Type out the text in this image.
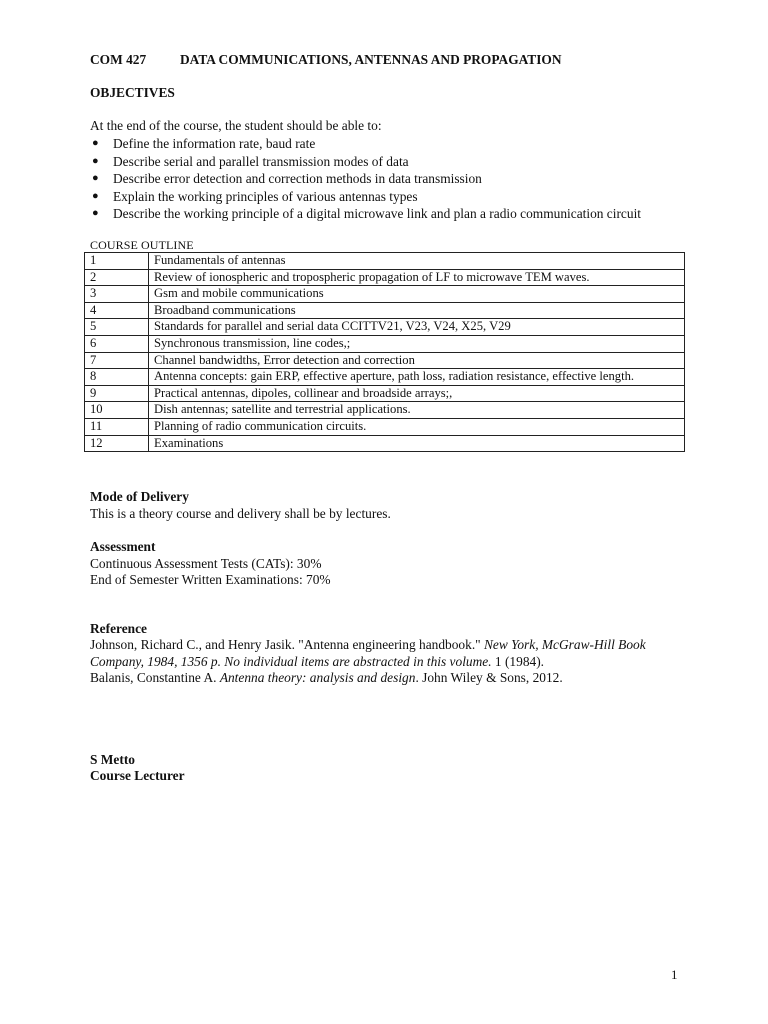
COM 427	DATA COMMUNICATIONS, ANTENNAS AND PROPAGATION
OBJECTIVES
At the end of the course, the student should be able to:
● Define the information rate, baud rate
● Describe serial and parallel transmission modes of data
● Describe error detection and correction methods in data transmission
● Explain the working principles of various antennas types
● Describe the working principle of a digital microwave link and plan a radio communication circuit
COURSE OUTLINE
1	Fundamentals of antennas
2	Review of ionospheric and tropospheric propagation of LF to microwave TEM waves.
3	Gsm and mobile communications
4	Broadband communications
5	Standards for parallel and serial data CCITTV21, V23, V24, X25, V29
6	Synchronous transmission, line codes,;
7	Channel bandwidths, Error detection and correction
8	Antenna concepts: gain ERP, effective aperture, path loss, radiation resistance, effective length.
9	Practical antennas, dipoles, collinear and broadside arrays;,
10	Dish antennas; satellite and terrestrial applications.
11	Planning of radio communication circuits.
12	Examinations
Mode of Delivery
This is a theory course and delivery shall be by lectures.
Assessment
Continuous Assessment Tests (CATs): 30%
End of Semester Written Examinations: 70%
Reference
Johnson, Richard C., and Henry Jasik. "Antenna engineering handbook." New York, McGraw-Hill Book Company, 1984, 1356 p. No individual items are abstracted in this volume. 1 (1984).
Balanis, Constantine A. Antenna theory: analysis and design. John Wiley & Sons, 2012.
S Metto
Course Lecturer
1
